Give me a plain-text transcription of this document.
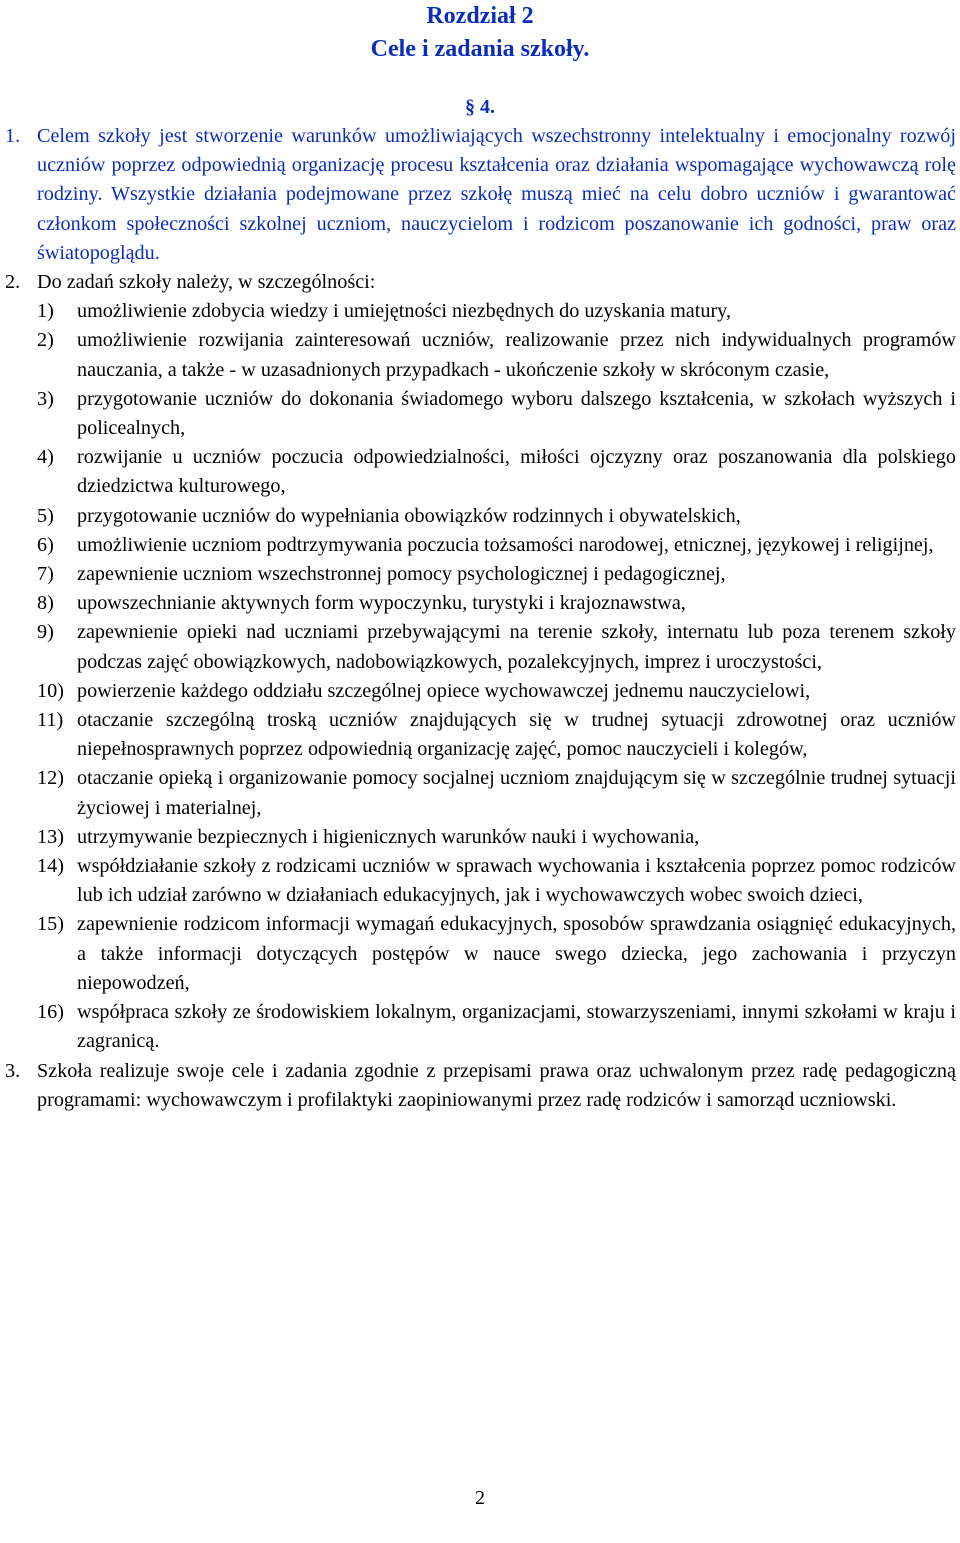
Rozdział 2
Cele i zadania szkoły.
§ 4.
1. Celem szkoły jest stworzenie warunków umożliwiających wszechstronny intelektualny i emocjonalny rozwój uczniów poprzez odpowiednią organizację procesu kształcenia oraz działania wspomagające wychowawczą rolę rodziny. Wszystkie działania podejmowane przez szkołę muszą mieć na celu dobro uczniów i gwarantować członkom społeczności szkolnej uczniom, nauczycielom i rodzicom poszanowanie ich godności, praw oraz światopoglądu.
2. Do zadań szkoły należy, w szczególności:
1) umożliwienie zdobycia wiedzy i umiejętności niezbędnych do uzyskania matury,
2) umożliwienie rozwijania zainteresowań uczniów, realizowanie przez nich indywidualnych programów nauczania, a także - w uzasadnionych przypadkach - ukończenie szkoły w skróconym czasie,
3) przygotowanie uczniów do dokonania świadomego wyboru dalszego kształcenia, w szkołach wyższych i policealnych,
4) rozwijanie u uczniów poczucia odpowiedzialności, miłości ojczyzny oraz poszanowania dla polskiego dziedzictwa kulturowego,
5) przygotowanie uczniów do wypełniania obowiązków rodzinnych i obywatelskich,
6) umożliwienie uczniom podtrzymywania poczucia tożsamości narodowej, etnicznej, językowej i religijnej,
7) zapewnienie uczniom wszechstronnej pomocy psychologicznej i pedagogicznej,
8) upowszechnianie aktywnych form wypoczynku, turystyki i krajoznawstwa,
9) zapewnienie opieki nad uczniami przebywającymi na terenie szkoły, internatu lub poza terenem szkoły podczas zajęć obowiązkowych, nadobowiązkowych, pozalekcyjnych, imprez i uroczystości,
10) powierzenie każdego oddziału szczególnej opiece wychowawczej jednemu nauczycielowi,
11) otaczanie szczególną troską uczniów znajdujących się w trudnej sytuacji zdrowotnej oraz uczniów niepełnosprawnych poprzez odpowiednią organizację zajęć, pomoc nauczycieli i kolegów,
12) otaczanie opieką i organizowanie pomocy socjalnej uczniom znajdującym się w szczególnie trudnej sytuacji życiowej i materialnej,
13) utrzymywanie bezpiecznych i higienicznych warunków nauki i wychowania,
14) współdziałanie szkoły z rodzicami uczniów w sprawach wychowania i kształcenia poprzez pomoc rodziców lub ich udział zarówno w działaniach edukacyjnych, jak i wychowawczych wobec swoich dzieci,
15) zapewnienie rodzicom informacji wymagań edukacyjnych, sposobów sprawdzania osiągnięć edukacyjnych, a także informacji dotyczących postępów w nauce swego dziecka, jego zachowania i przyczyn niepowodzeń,
16) współpraca szkoły ze środowiskiem lokalnym, organizacjami, stowarzyszeniami, innymi szkołami w kraju i zagranicą.
3. Szkoła realizuje swoje cele i zadania zgodnie z przepisami prawa oraz uchwalonym przez radę pedagogiczną programami: wychowawczym i profilaktyki zaopiniowanymi przez radę rodziców i samorząd uczniowski.
2
